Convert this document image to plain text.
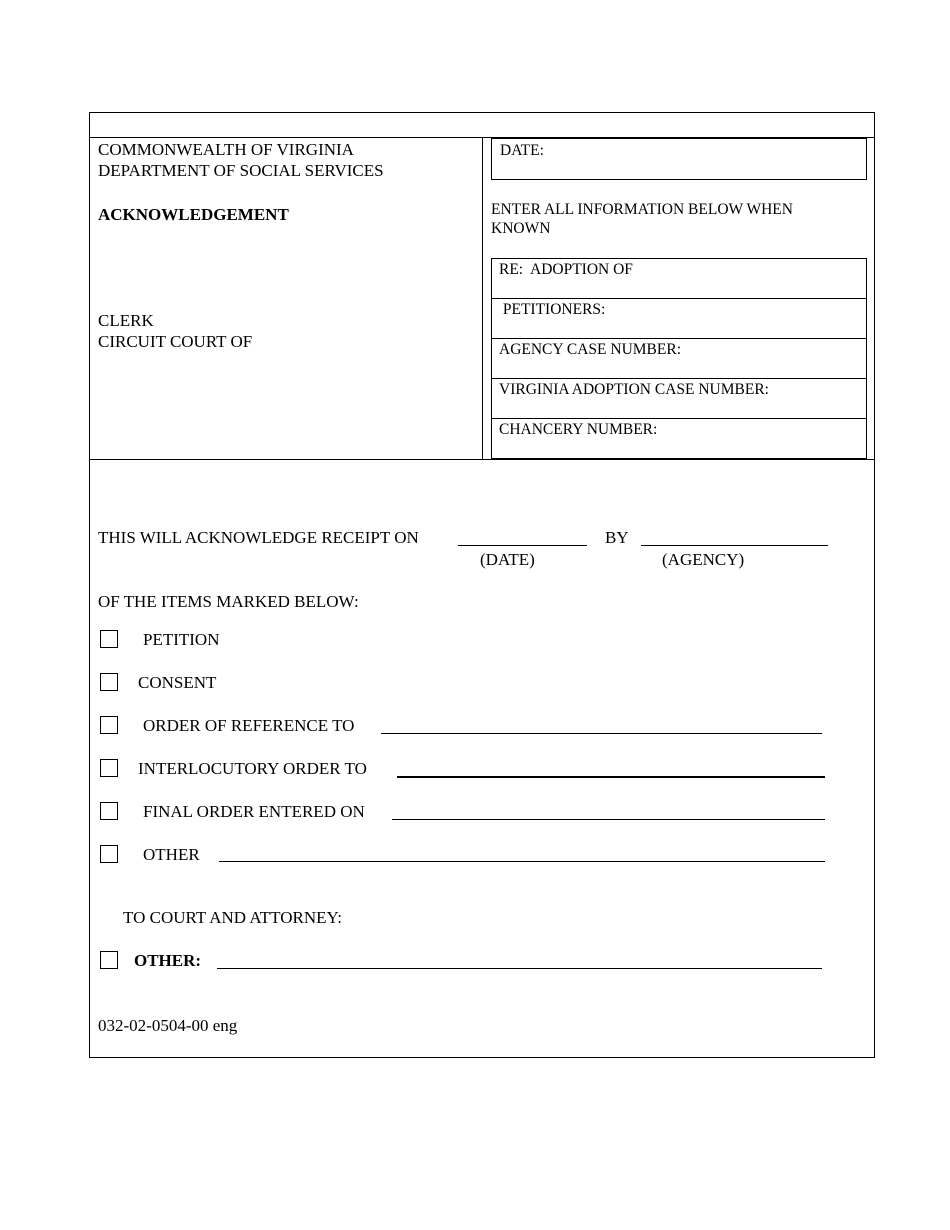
COMMONWEALTH OF VIRGINIA
DEPARTMENT OF SOCIAL SERVICES
ACKNOWLEDGEMENT
CLERK
CIRCUIT COURT OF
DATE:
ENTER ALL INFORMATION BELOW WHEN
KNOWN
RE:  ADOPTION OF
PETITIONERS:
AGENCY CASE NUMBER:
VIRGINIA ADOPTION CASE NUMBER:
CHANCERY NUMBER:
THIS WILL ACKNOWLEDGE RECEIPT ON	BY
(DATE)	(AGENCY)
OF THE ITEMS MARKED BELOW:
PETITION
CONSENT
ORDER OF REFERENCE TO
INTERLOCUTORY ORDER TO
FINAL ORDER ENTERED ON
OTHER
TO COURT AND ATTORNEY:
OTHER:
032-02-0504-00 eng
